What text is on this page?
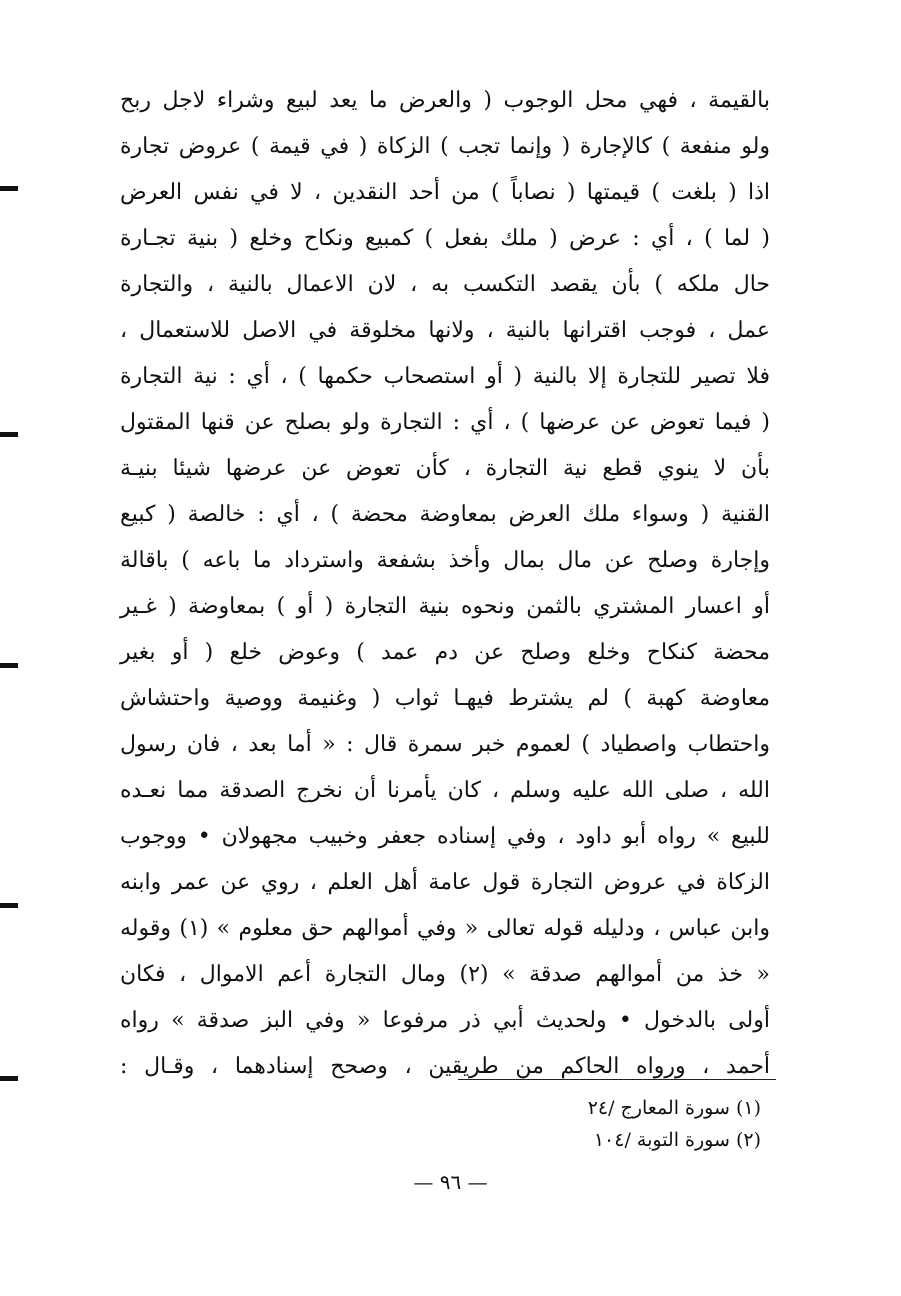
بالقيمة ، فهي محل الوجوب ( والعرض ما يعد لبيع وشراء لاجل ربح
ولو منفعة ) كالإجارة ( وإنما تجب ) الزكاة ( في قيمة ) عروض تجارة
اذا ( بلغت ) قيمتها ( نصاباً ) من أحد النقدين ، لا في نفس العرض
( لما ) ، أي : عرض ( ملك بفعل ) كمبيع ونكاح وخلع ( بنية تجـارة
حال ملكه ) بأن يقصد التكسب به ، لان الاعمال بالنية ، والتجارة
عمل ، فوجب اقترانها بالنية ، ولانها مخلوقة في الاصل للاستعمال ،
فلا تصير للتجارة إلا بالنية ( أو استصحاب حكمها ) ، أي : نية التجارة
( فيما تعوض عن عرضها ) ، أي : التجارة ولو بصلح عن قنها المقتول
بأن لا ينوي قطع نية التجارة ، كأن تعوض عن عرضها شيئا بنيـة
القنية ( وسواء ملك العرض بمعاوضة محضة ) ، أي : خالصة ( كبيع
وإجارة وصلح عن مال بمال وأخذ بشفعة واسترداد ما باعه ) باقالة
أو اعسار المشتري بالثمن ونحوه بنية التجارة ( أو ) بمعاوضة ( غـير
محضة كنكاح وخلع وصلح عن دم عمد ) وعوض خلع ( أو بغير
معاوضة كهبة ) لم يشترط فيهـا ثواب ( وغنيمة ووصية واحتشاش
واحتطاب واصطياد ) لعموم خبر سمرة قال : « أما بعد ، فان رسول
الله ، صلى الله عليه وسلم ، كان يأمرنا أن نخرج الصدقة مما نعـده
للبيع » رواه أبو داود ، وفي إسناده جعفر وخبيب مجهولان • ووجوب
الزكاة في عروض التجارة قول عامة أهل العلم ، روي عن عمر وابنه
وابن عباس ، ودليله قوله تعالى « وفي أموالهم حق معلوم » (١) وقوله
« خذ من أموالهم صدقة » (٢) ومال التجارة أعم الاموال ، فكان
أولى بالدخول • ولحديث أبي ذر مرفوعا « وفي البز صدقة » رواه
أحمد ، ورواه الحاكم من طريقين ، وصحح إسنادهما ، وقـال :
(١) سورة المعارج /٢٤
(٢) سورة التوبة /١٠٤
— ٩٦ —
